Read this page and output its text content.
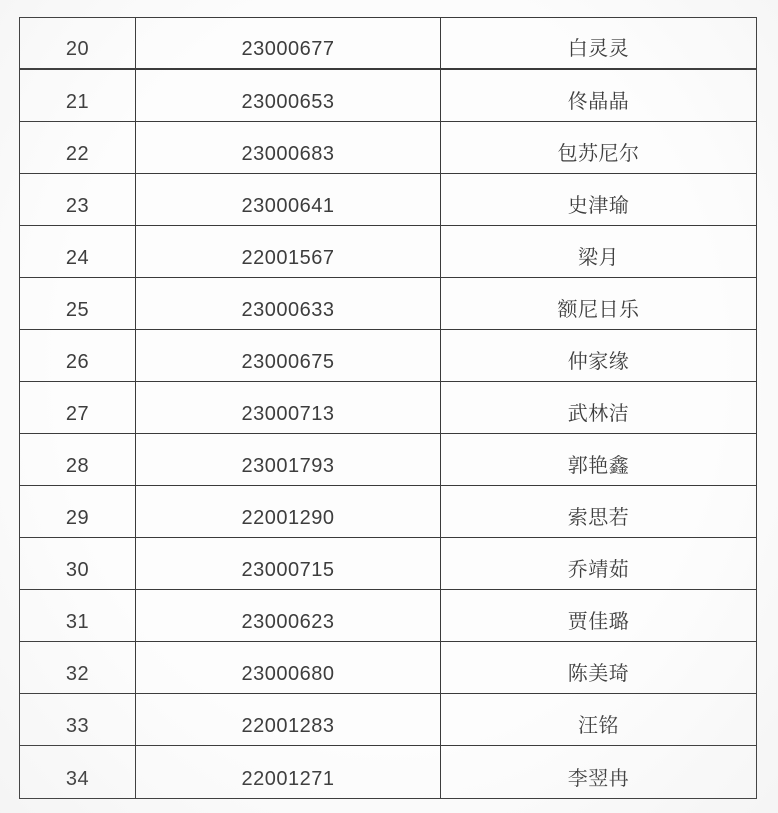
20	23000677	白灵灵
21	23000653	佟晶晶
22	23000683	包苏尼尔
23	23000641	史津瑜
24	22001567	梁月
25	23000633	额尼日乐
26	23000675	仲家缘
27	23000713	武林洁
28	23001793	郭艳鑫
29	22001290	索思若
30	23000715	乔靖茹
31	23000623	贾佳璐
32	23000680	陈美琦
33	22001283	汪铭
34	22001271	李翌冉
